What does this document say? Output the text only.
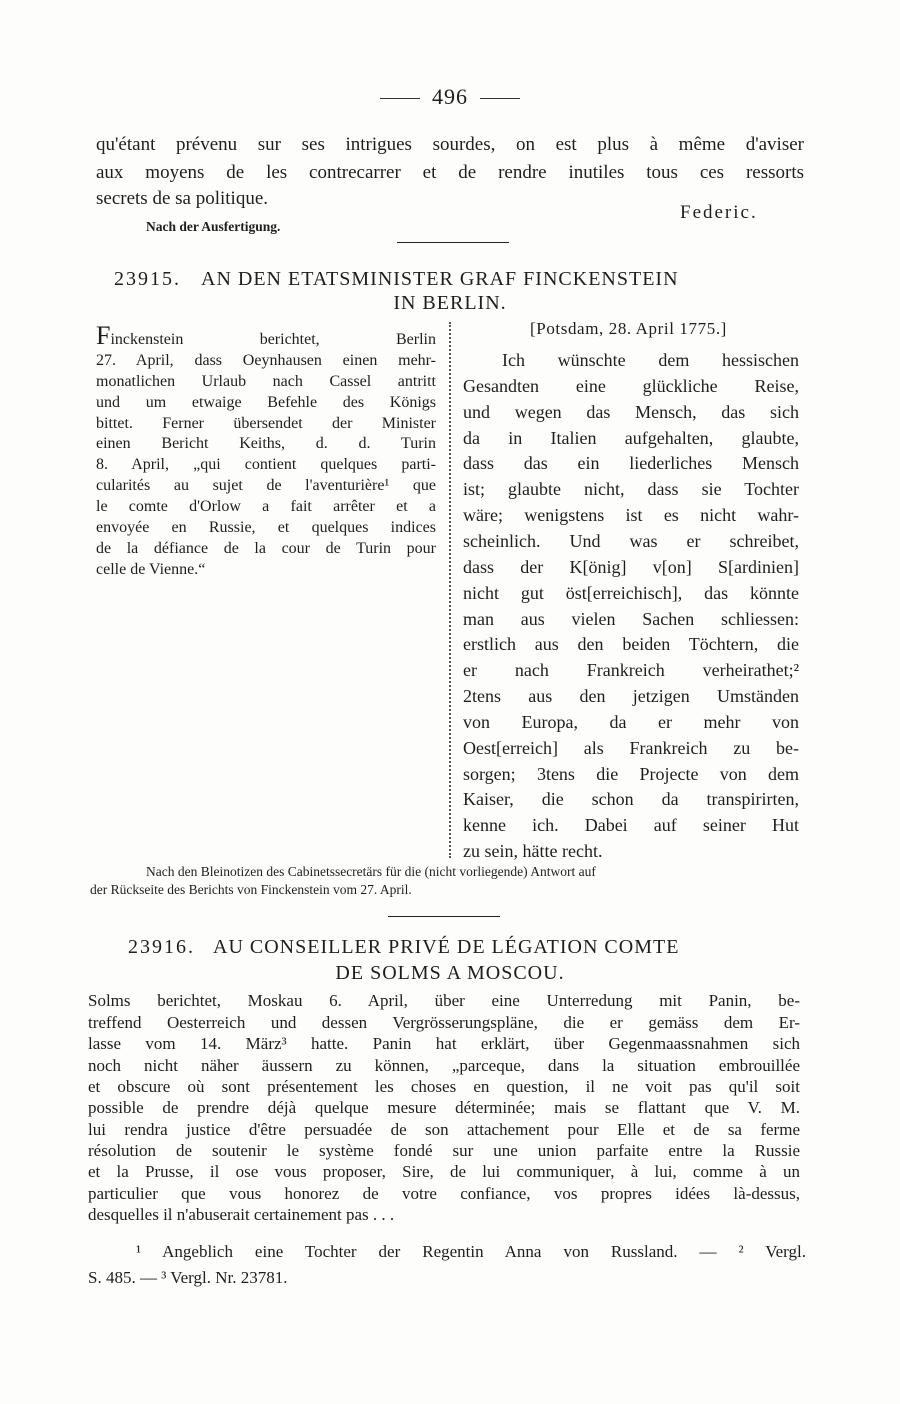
496
qu'étant prévenu sur ses intrigues sourdes, on est plus à même d'aviser
aux moyens de les contrecarrer et de rendre inutiles tous ces ressorts
secrets de sa politique.
Federic.
Nach der Ausfertigung.
23915. AN DEN ETATSMINISTER GRAF FINCKENSTEIN
IN BERLIN.
Finckenstein berichtet, Berlin
27. April, dass Oeynhausen einen mehr-
monatlichen Urlaub nach Cassel antritt
und um etwaige Befehle des Königs
bittet. Ferner übersendet der Minister
einen Bericht Keiths, d. d. Turin
8. April, „qui contient quelques parti-
cularités au sujet de l'aventurière¹ que
le comte d'Orlow a fait arrêter et a
envoyée en Russie, et quelques indices
de la défiance de la cour de Turin pour
celle de Vienne.“
[Potsdam, 28. April 1775.]
Ich wünschte dem hessischen
Gesandten eine glückliche Reise,
und wegen das Mensch, das sich
da in Italien aufgehalten, glaubte,
dass das ein liederliches Mensch
ist; glaubte nicht, dass sie Tochter
wäre; wenigstens ist es nicht wahr-
scheinlich. Und was er schreibet,
dass der K[önig] v[on] S[ardinien]
nicht gut öst[erreichisch], das könnte
man aus vielen Sachen schliessen:
erstlich aus den beiden Töchtern, die
er nach Frankreich verheirathet;²
2tens aus den jetzigen Umständen
von Europa, da er mehr von
Oest[erreich] als Frankreich zu be-
sorgen; 3tens die Projecte von dem
Kaiser, die schon da transpirirten,
kenne ich. Dabei auf seiner Hut
zu sein, hätte recht.
Nach den Bleinotizen des Cabinetssecretärs für die (nicht vorliegende) Antwort auf
der Rückseite des Berichts von Finckenstein vom 27. April.
23916. AU CONSEILLER PRIVÉ DE LÉGATION COMTE
DE SOLMS A MOSCOU.
Solms berichtet, Moskau 6. April, über eine Unterredung mit Panin, be-
treffend Oesterreich und dessen Vergrösserungspläne, die er gemäss dem Er-
lasse vom 14. März³ hatte. Panin hat erklärt, über Gegenmaassnahmen sich
noch nicht näher äussern zu können, „parceque, dans la situation embrouillée
et obscure où sont présentement les choses en question, il ne voit pas qu'il soit
possible de prendre déjà quelque mesure déterminée; mais se flattant que V. M.
lui rendra justice d'être persuadée de son attachement pour Elle et de sa ferme
résolution de soutenir le système fondé sur une union parfaite entre la Russie
et la Prusse, il ose vous proposer, Sire, de lui communiquer, à lui, comme à un
particulier que vous honorez de votre confiance, vos propres idées là-dessus,
desquelles il n'abuserait certainement pas . . .
¹ Angeblich eine Tochter der Regentin Anna von Russland. — ² Vergl.
S. 485. — ³ Vergl. Nr. 23781.
